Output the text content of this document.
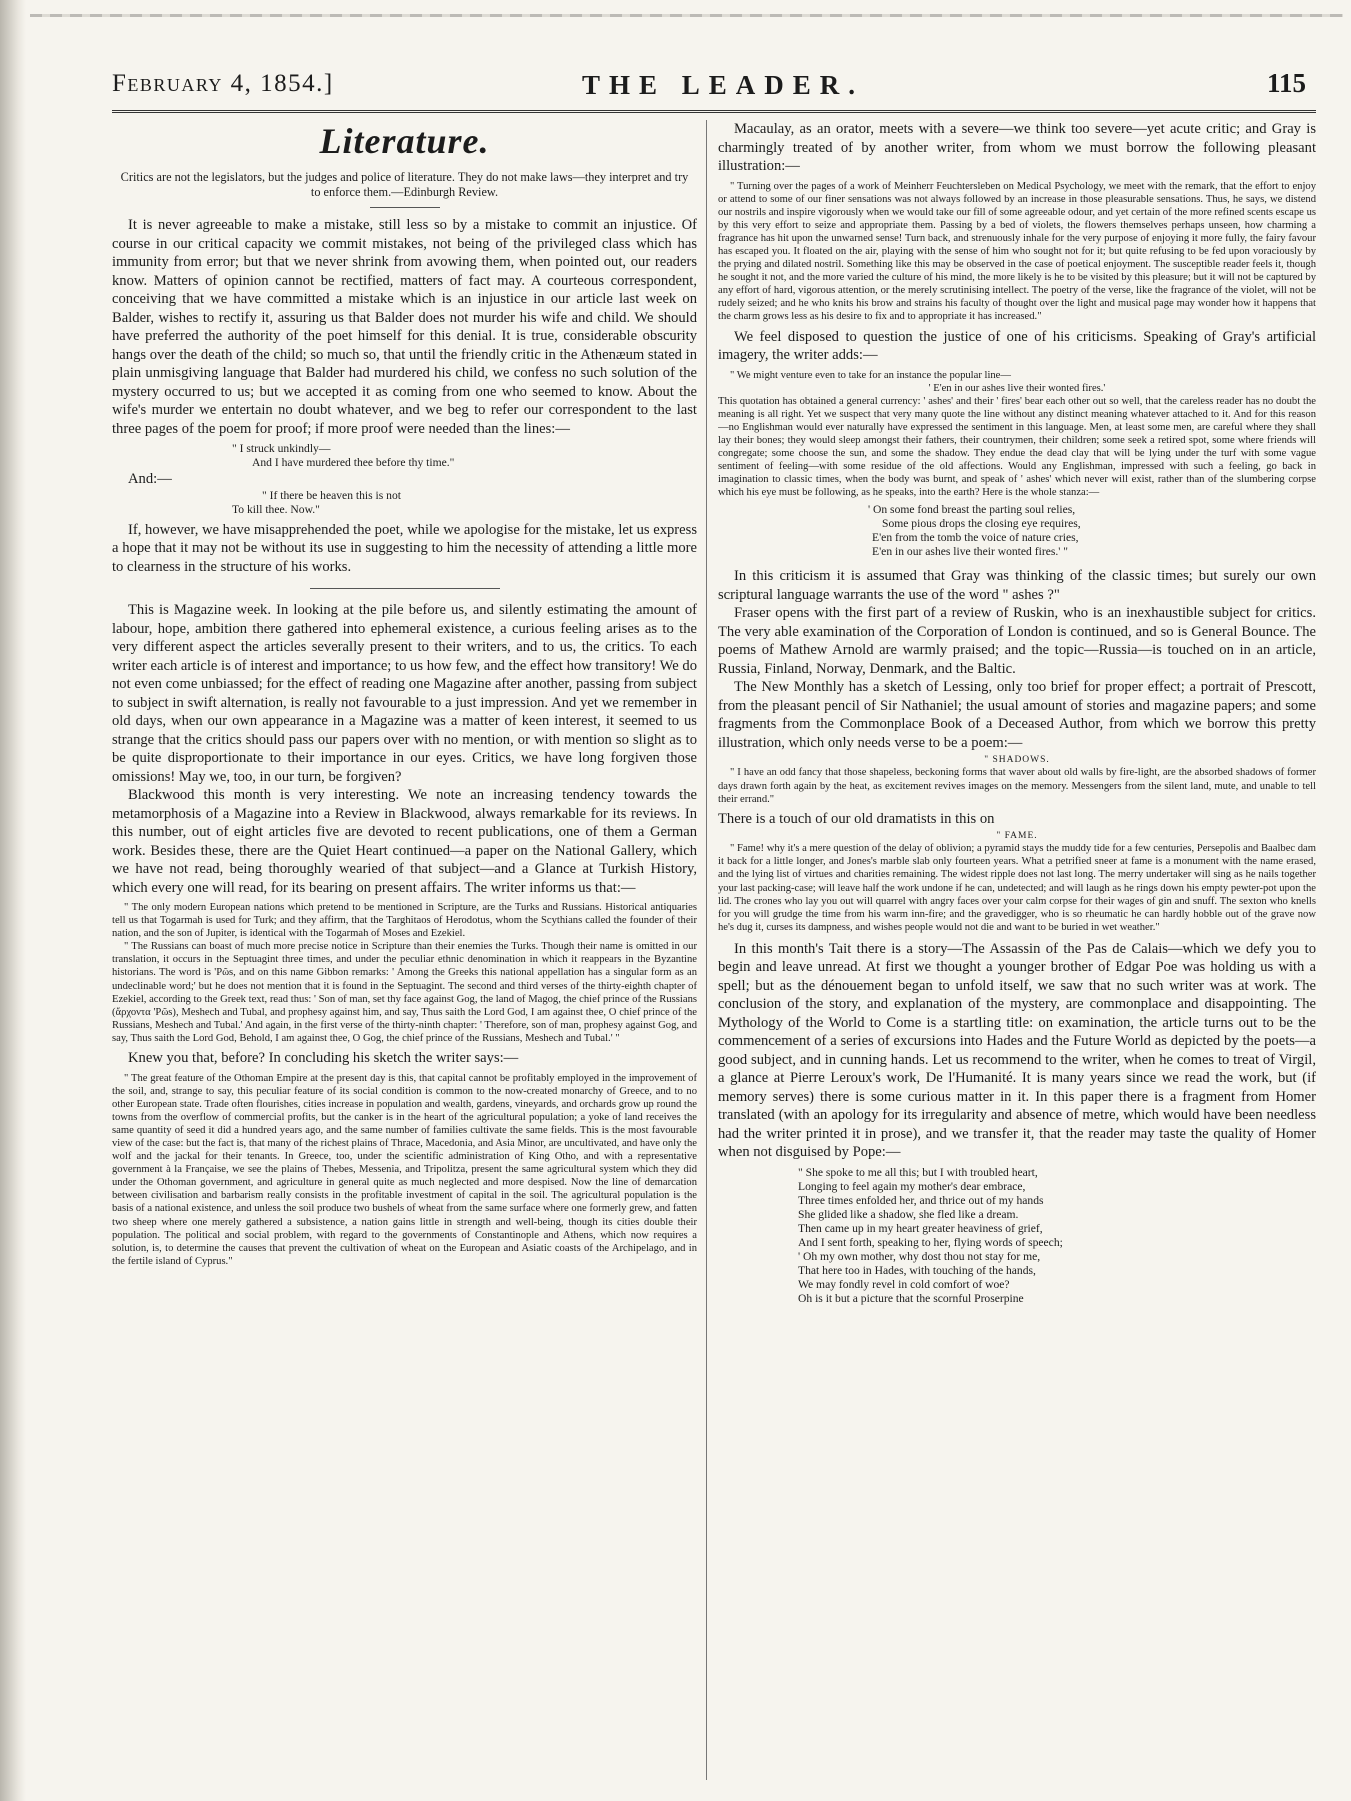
February 4, 1854.]	THE LEADER.	115
Literature.

Critics are not the legislators, but the judges and police of literature. They do not make laws—they interpret and try to enforce them.—Edinburgh Review.

It is never agreeable to make a mistake, still less so by a mistake to commit an injustice. Of course in our critical capacity we commit mistakes, not being of the privileged class which has immunity from error; but that we never shrink from avowing them, when pointed out, our readers know. Matters of opinion cannot be rectified, matters of fact may. A courteous correspondent, conceiving that we have committed a mistake which is an injustice in our article last week on Balder, wishes to rectify it, assuring us that Balder does not murder his wife and child. We should have preferred the authority of the poet himself for this denial. It is true, considerable obscurity hangs over the death of the child; so much so, that until the friendly critic in the Athenæum stated in plain unmisgiving language that Balder had murdered his child, we confess no such solution of the mystery occurred to us; but we accepted it as coming from one who seemed to know. About the wife's murder we entertain no doubt whatever, and we beg to refer our correspondent to the last three pages of the poem for proof; if more proof were needed than the lines:—

" I struck unkindly—
And I have murdered thee before thy time."

And:—

" If there be heaven this is not
To kill thee. Now."

If, however, we have misapprehended the poet, while we apologise for the mistake, let us express a hope that it may not be without its use in suggesting to him the necessity of attending a little more to clearness in the structure of his works.

This is Magazine week. In looking at the pile before us, and silently estimating the amount of labour, hope, ambition there gathered into ephemeral existence, a curious feeling arises as to the very different aspect the articles severally present to their writers, and to us, the critics. To each writer each article is of interest and importance; to us how few, and the effect how transitory! We do not even come unbiassed; for the effect of reading one Magazine after another, passing from subject to subject in swift alternation, is really not favourable to a just impression. And yet we remember in old days, when our own appearance in a Magazine was a matter of keen interest, it seemed to us strange that the critics should pass our papers over with no mention, or with mention so slight as to be quite disproportionate to their importance in our eyes. Critics, we have long forgiven those omissions! May we, too, in our turn, be forgiven?

Blackwood this month is very interesting. We note an increasing tendency towards the metamorphosis of a Magazine into a Review in Blackwood, always remarkable for its reviews. In this number, out of eight articles five are devoted to recent publications, one of them a German work. Besides these, there are the Quiet Heart continued—a paper on the National Gallery, which we have not read, being thoroughly wearied of that subject—and a Glance at Turkish History, which every one will read, for its bearing on present affairs. The writer informs us that:—

" The only modern European nations which pretend to be mentioned in Scripture, are the Turks and Russians. Historical antiquaries tell us that Togarmah is used for Turk; and they affirm, that the Targhitaos of Herodotus, whom the Scythians called the founder of their nation, and the son of Jupiter, is identical with the Togarmah of Moses and Ezekiel.

" The Russians can boast of much more precise notice in Scripture than their enemies the Turks. Though their name is omitted in our translation, it occurs in the Septuagint three times, and under the peculiar ethnic denomination in which it reappears in the Byzantine historians. The word is 'Pῶs, and on this name Gibbon remarks: ' Among the Greeks this national appellation has a singular form as an undeclinable word;' but he does not mention that it is found in the Septuagint. The second and third verses of the thirty-eighth chapter of Ezekiel, according to the Greek text, read thus: ' Son of man, set thy face against Gog, the land of Magog, the chief prince of the Russians (ἄρχοντα 'Pῶs), Meshech and Tubal, and prophesy against him, and say, Thus saith the Lord God, I am against thee, O chief prince of the Russians, Meshech and Tubal.' And again, in the first verse of the thirty-ninth chapter: ' Therefore, son of man, prophesy against Gog, and say, Thus saith the Lord God, Behold, I am against thee, O Gog, the chief prince of the Russians, Meshech and Tubal.' "

Knew you that, before? In concluding his sketch the writer says:—

" The great feature of the Othoman Empire at the present day is this, that capital cannot be profitably employed in the improvement of the soil, and, strange to say, this peculiar feature of its social condition is common to the now-created monarchy of Greece, and to no other European state. Trade often flourishes, cities increase in population and wealth, gardens, vineyards, and orchards grow up round the towns from the overflow of commercial profits, but the canker is in the heart of the agricultural population; a yoke of land receives the same quantity of seed it did a hundred years ago, and the same number of families cultivate the same fields. This is the most favourable view of the case: but the fact is, that many of the richest plains of Thrace, Macedonia, and Asia Minor, are uncultivated, and have only the wolf and the jackal for their tenants. In Greece, too, under the scientific administration of King Otho, and with a representative government à la Française, we see the plains of Thebes, Messenia, and Tripolitza, present the same agricultural system which they did under the Othoman government, and agriculture in general quite as much neglected and more despised. Now the line of demarcation between civilisation and barbarism really consists in the profitable investment of capital in the soil. The agricultural population is the basis of a national existence, and unless the soil produce two bushels of wheat from the same surface where one formerly grew, and fatten two sheep where one merely gathered a subsistence, a nation gains little in strength and well-being, though its cities double their population. The political and social problem, with regard to the governments of Constantinople and Athens, which now requires a solution, is, to determine the causes that prevent the cultivation of wheat on the European and Asiatic coasts of the Archipelago, and in the fertile island of Cyprus."

Macaulay, as an orator, meets with a severe—we think too severe—yet acute critic; and Gray is charmingly treated of by another writer, from whom we must borrow the following pleasant illustration:—

" Turning over the pages of a work of Meinherr Feuchtersleben on Medical Psychology, we meet with the remark, that the effort to enjoy or attend to some of our finer sensations was not always followed by an increase in those pleasurable sensations. Thus, he says, we distend our nostrils and inspire vigorously when we would take our fill of some agreeable odour, and yet certain of the more refined scents escape us by this very effort to seize and appropriate them. Passing by a bed of violets, the flowers themselves perhaps unseen, how charming a fragrance has hit upon the unwarned sense! Turn back, and strenuously inhale for the very purpose of enjoying it more fully, the fairy favour has escaped you. It floated on the air, playing with the sense of him who sought not for it; but quite refusing to be fed upon voraciously by the prying and dilated nostril. Something like this may be observed in the case of poetical enjoyment. The susceptible reader feels it, though he sought it not, and the more varied the culture of his mind, the more likely is he to be visited by this pleasure; but it will not be captured by any effort of hard, vigorous attention, or the merely scrutinising intellect. The poetry of the verse, like the fragrance of the violet, will not be rudely seized; and he who knits his brow and strains his faculty of thought over the light and musical page may wonder how it happens that the charm grows less as his desire to fix and to appropriate it has increased."

We feel disposed to question the justice of one of his criticisms. Speaking of Gray's artificial imagery, the writer adds:—

" We might venture even to take for an instance the popular line—

' E'en in our ashes live their wonted fires.'

This quotation has obtained a general currency: ' ashes' and their ' fires' bear each other out so well, that the careless reader has no doubt the meaning is all right. Yet we suspect that very many quote the line without any distinct meaning whatever attached to it. And for this reason—no Englishman would ever naturally have expressed the sentiment in this language. Men, at least some men, are careful where they shall lay their bones; they would sleep amongst their fathers, their countrymen, their children; some seek a retired spot, some where friends will congregate; some choose the sun, and some the shadow. They endue the dead clay that will be lying under the turf with some vague sentiment of feeling—with some residue of the old affections. Would any Englishman, impressed with such a feeling, go back in imagination to classic times, when the body was burnt, and speak of ' ashes' which never will exist, rather than of the slumbering corpse which his eye must be following, as he speaks, into the earth? Here is the whole stanza:—

' On some fond breast the parting soul relies,
Some pious drops the closing eye requires,
E'en from the tomb the voice of nature cries,
E'en in our ashes live their wonted fires.' "

In this criticism it is assumed that Gray was thinking of the classic times; but surely our own scriptural language warrants the use of the word " ashes ?"

Fraser opens with the first part of a review of Ruskin, who is an inexhaustible subject for critics. The very able examination of the Corporation of London is continued, and so is General Bounce. The poems of Mathew Arnold are warmly praised; and the topic—Russia—is touched on in an article, Russia, Finland, Norway, Denmark, and the Baltic.

The New Monthly has a sketch of Lessing, only too brief for proper effect; a portrait of Prescott, from the pleasant pencil of Sir Nathaniel; the usual amount of stories and magazine papers; and some fragments from the Commonplace Book of a Deceased Author, from which we borrow this pretty illustration, which only needs verse to be a poem:—

" SHADOWS.

" I have an odd fancy that those shapeless, beckoning forms that waver about old walls by fire-light, are the absorbed shadows of former days drawn forth again by the heat, as excitement revives images on the memory. Messengers from the silent land, mute, and unable to tell their errand."

There is a touch of our old dramatists in this on

" FAME.

" Fame! why it's a mere question of the delay of oblivion; a pyramid stays the muddy tide for a few centuries, Persepolis and Baalbec dam it back for a little longer, and Jones's marble slab only fourteen years. What a petrified sneer at fame is a monument with the name erased, and the lying list of virtues and charities remaining. The widest ripple does not last long. The merry undertaker will sing as he nails together your last packing-case; will leave half the work undone if he can, undetected; and will laugh as he rings down his empty pewter-pot upon the lid. The crones who lay you out will quarrel with angry faces over your calm corpse for their wages of gin and snuff. The sexton who knells for you will grudge the time from his warm inn-fire; and the gravedigger, who is so rheumatic he can hardly hobble out of the grave now he's dug it, curses its dampness, and wishes people would not die and want to be buried in wet weather."

In this month's Tait there is a story—The Assassin of the Pas de Calais—which we defy you to begin and leave unread. At first we thought a younger brother of Edgar Poe was holding us with a spell; but as the dénouement began to unfold itself, we saw that no such writer was at work. The conclusion of the story, and explanation of the mystery, are commonplace and disappointing. The Mythology of the World to Come is a startling title: on examination, the article turns out to be the commencement of a series of excursions into Hades and the Future World as depicted by the poets—a good subject, and in cunning hands. Let us recommend to the writer, when he comes to treat of Virgil, a glance at Pierre Leroux's work, De l'Humanité. It is many years since we read the work, but (if memory serves) there is some curious matter in it. In this paper there is a fragment from Homer translated (with an apology for its irregularity and absence of metre, which would have been needless had the writer printed it in prose), and we transfer it, that the reader may taste the quality of Homer when not disguised by Pope:—

" She spoke to me all this; but I with troubled heart,
Longing to feel again my mother's dear embrace,
Three times enfolded her, and thrice out of my hands
She glided like a shadow, she fled like a dream.
Then came up in my heart greater heaviness of grief,
And I sent forth, speaking to her, flying words of speech;
' Oh my own mother, why dost thou not stay for me,
That here too in Hades, with touching of the hands,
We may fondly revel in cold comfort of woe?
Oh is it but a picture that the scornful Proserpine
